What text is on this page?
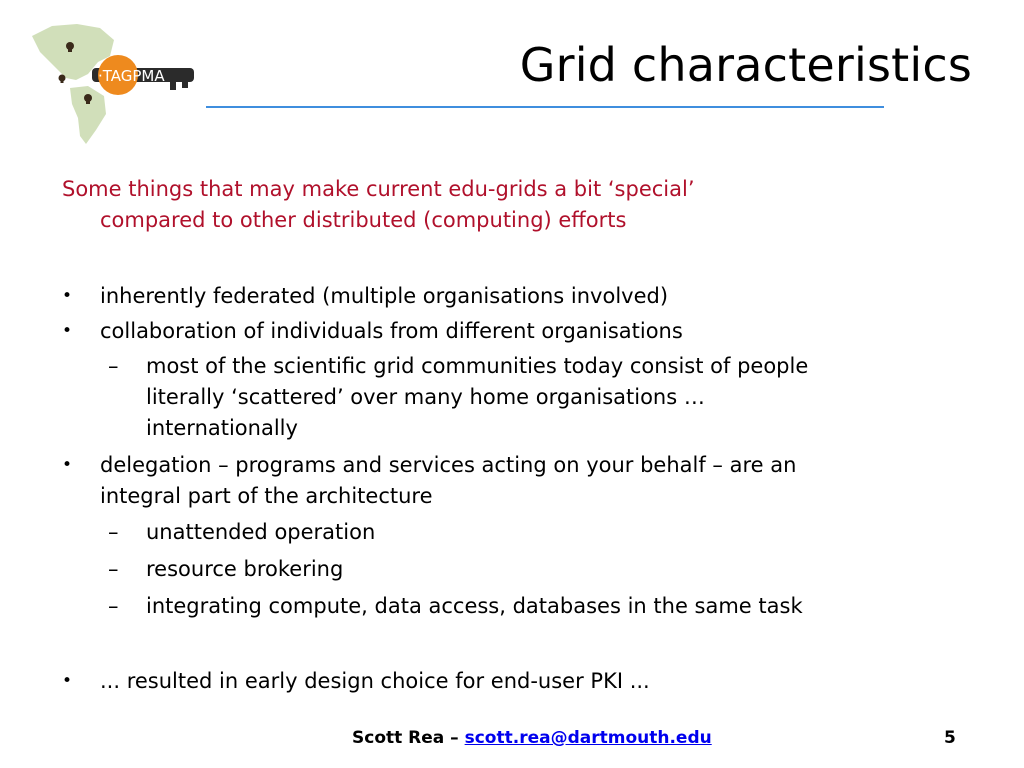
·TAGPMA	Grid characteristics
Some things that may make current edu-grids a bit ‘special’
compared to other distributed (computing) efforts
•	inherently federated (multiple organisations involved)
•	collaboration of individuals from different organisations
–	most of the scientific grid communities today consist of people
literally ‘scattered’ over many home organisations …
internationally
•	delegation – programs and services acting on your behalf – are an
integral part of the architecture
–	unattended operation
–	resource brokering
–	integrating compute, data access, databases in the same task
•	... resulted in early design choice for end-user PKI ...
Scott Rea – scott.rea@dartmouth.edu	5
